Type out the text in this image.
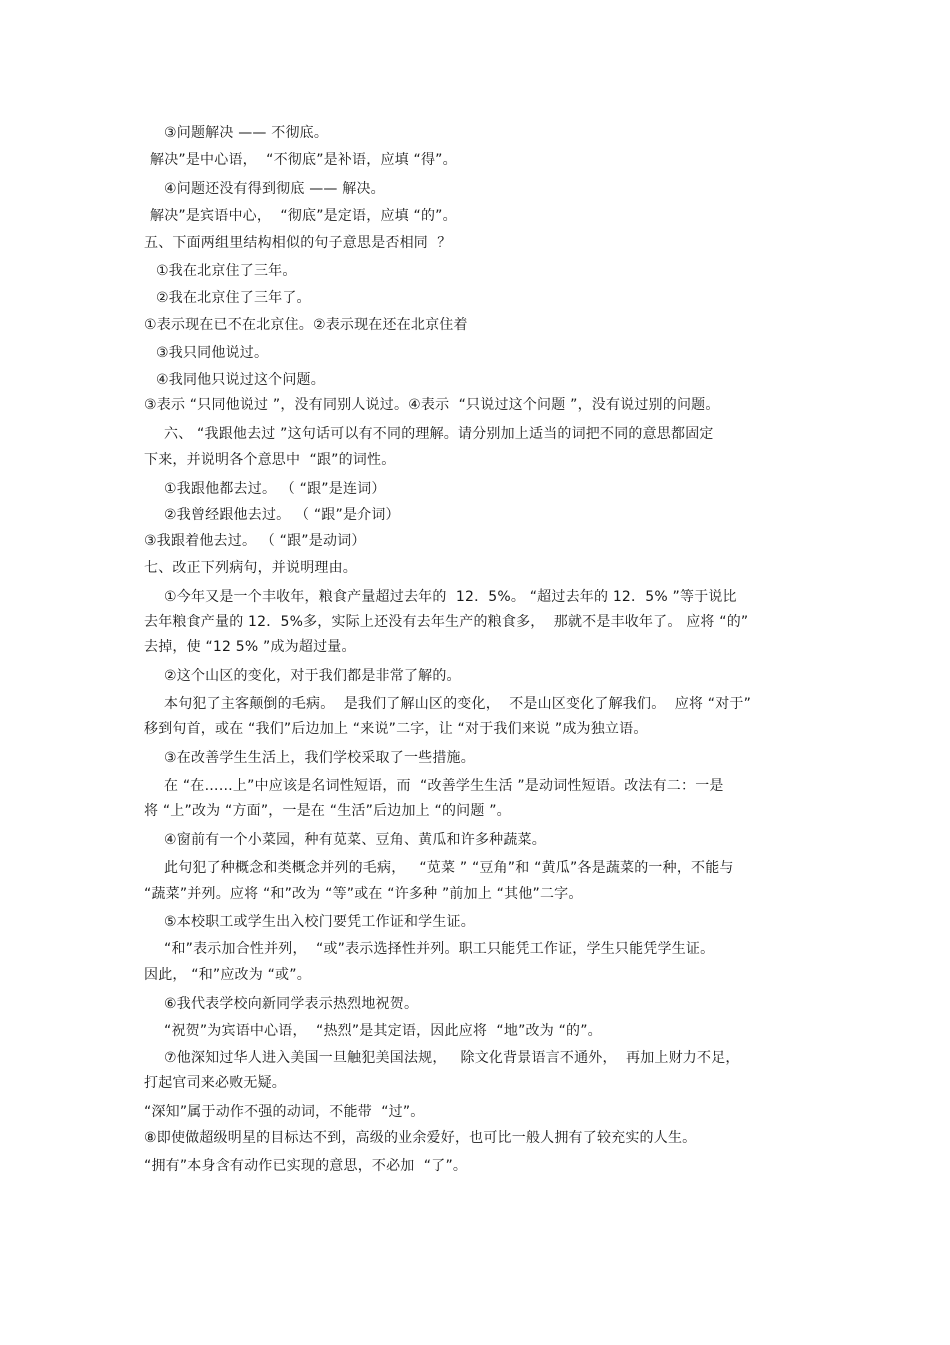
③问题解决 —— 不彻底。
解决”是中心语，  “不彻底”是补语，应填 “得”。
④问题还没有得到彻底 —— 解决。
解决”是宾语中心，  “彻底”是定语，应填 “的”。
五、下面两组里结构相似的句子意思是否相同  ？
①我在北京住了三年。
②我在北京住了三年了。
①表示现在已不在北京住。②表示现在还在北京住着
③我只同他说过。
④我同他只说过这个问题。
③表示 “只同他说过 ”，没有同别人说过。④表示  “只说过这个问题 ”，没有说过别的问题。
六、 “我跟他去过 ”这句话可以有不同的理解。请分别加上适当的词把不同的意思都固定
下来，并说明各个意思中  “跟”的词性。
①我跟他都去过。 （ “跟”是连词）
②我曾经跟他去过。 （ “跟”是介词）
③我跟着他去过。 （ “跟”是动词）
七、改正下列病句，并说明理由。
①今年又是一个丰收年，粮食产量超过去年的  12．5%。 “超过去年的 12．5% ”等于说比
去年粮食产量的 12．5%多，实际上还没有去年生产的粮食多，  那就不是丰收年了。 应将 “的”
去掉，使 “12 5% ”成为超过量。
②这个山区的变化，对于我们都是非常了解的。
本句犯了主客颠倒的毛病。  是我们了解山区的变化，  不是山区变化了解我们。  应将 “对于”
移到句首，或在 “我们”后边加上 “来说”二字，让 “对于我们来说 ”成为独立语。
③在改善学生生活上，我们学校采取了一些措施。
在 “在……上”中应该是名词性短语，而  “改善学生生活 ”是动词性短语。改法有二：一是
将 “上”改为 “方面”，一是在 “生活”后边加上 “的问题 ”。
④窗前有一个小菜园，种有苋菜、豆角、黄瓜和许多种蔬菜。
此句犯了种概念和类概念并列的毛病，   “苋菜 ” “豆角”和 “黄瓜”各是蔬菜的一种，不能与
“蔬菜”并列。应将 “和”改为 “等”或在 “许多种 ”前加上 “其他”二字。
⑤本校职工或学生出入校门要凭工作证和学生证。
“和”表示加合性并列，  “或”表示选择性并列。职工只能凭工作证，学生只能凭学生证。
因此， “和”应改为 “或”。
⑥我代表学校向新同学表示热烈地祝贺。
“祝贺”为宾语中心语，  “热烈”是其定语，因此应将  “地”改为 “的”。
⑦他深知过华人进入美国一旦触犯美国法规，   除文化背景语言不通外，  再加上财力不足，
打起官司来必败无疑。
“深知”属于动作不强的动词，不能带  “过”。
⑧即使做超级明星的目标达不到，高级的业余爱好，也可比一般人拥有了较充实的人生。
“拥有”本身含有动作已实现的意思，不必加  “了”。
